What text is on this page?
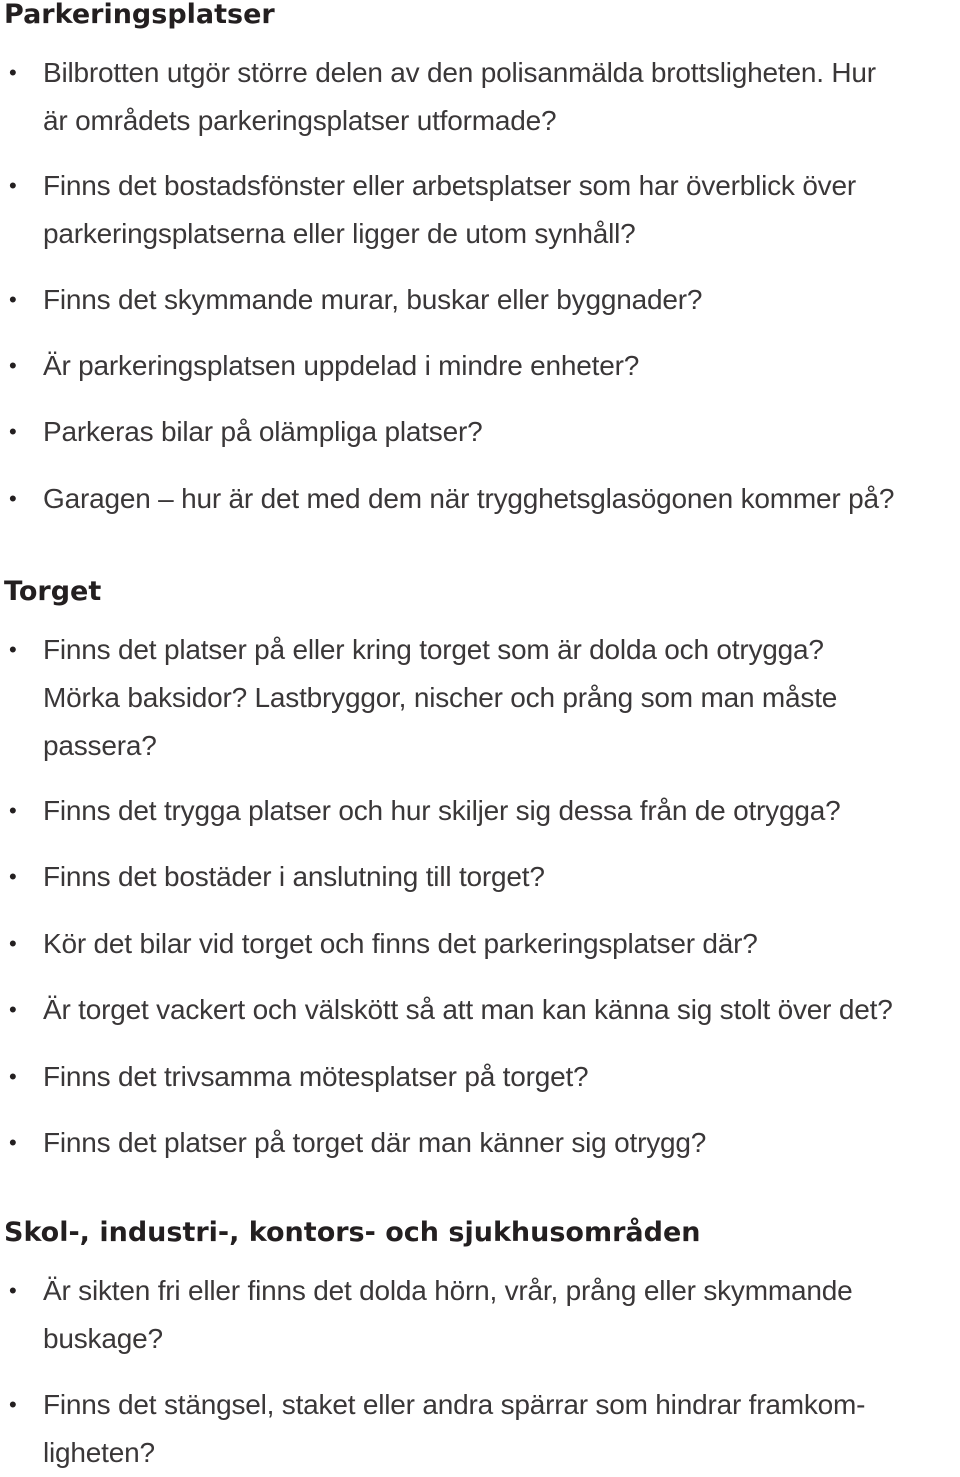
Parkeringsplatser
• Bilbrotten utgör större delen av den polisanmälda brottsligheten. Hur
är områdets parkeringsplatser utformade?
• Finns det bostadsfönster eller arbetsplatser som har överblick över
parkeringsplatserna eller ligger de utom synhåll?
• Finns det skymmande murar, buskar eller byggnader?
• Är parkeringsplatsen uppdelad i mindre enheter?
• Parkeras bilar på olämpliga platser?
• Garagen – hur är det med dem när trygghetsglasögonen kommer på?
Torget
• Finns det platser på eller kring torget som är dolda och otrygga?
Mörka baksidor? Lastbryggor, nischer och prång som man måste
passera?
• Finns det trygga platser och hur skiljer sig dessa från de otrygga?
• Finns det bostäder i anslutning till torget?
• Kör det bilar vid torget och finns det parkeringsplatser där?
• Är torget vackert och välskött så att man kan känna sig stolt över det?
• Finns det trivsamma mötesplatser på torget?
• Finns det platser på torget där man känner sig otrygg?
Skol-, industri-, kontors- och sjukhusområden
• Är sikten fri eller finns det dolda hörn, vrår, prång eller skymmande
buskage?
• Finns det stängsel, staket eller andra spärrar som hindrar framkom-
ligheten?
